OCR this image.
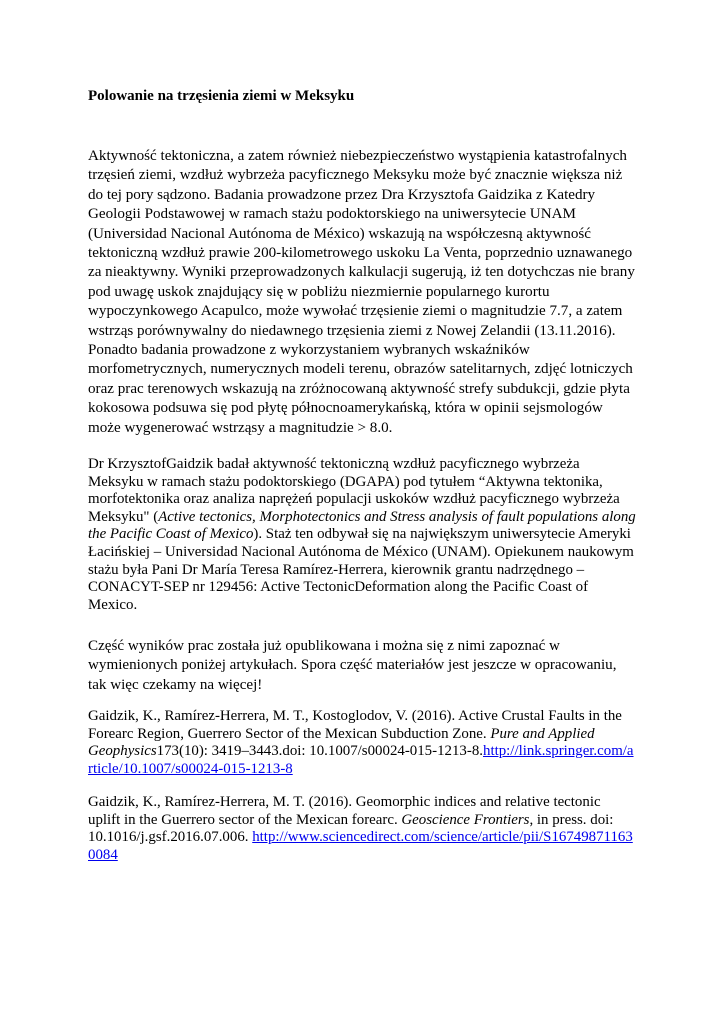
Polowanie na trzęsienia ziemi w Meksyku

Aktywność tektoniczna, a zatem również niebezpieczeństwo wystąpienia katastrofalnych trzęsień ziemi, wzdłuż wybrzeża pacyficznego Meksyku może być znacznie większa niż do tej pory sądzono. Badania prowadzone przez Dra Krzysztofa Gaidzika z Katedry Geologii Podstawowej w ramach stażu podoktorskiego na uniwersytecie UNAM (Universidad Nacional Autónoma de México) wskazują na współczesną aktywność tektoniczną wzdłuż prawie 200-kilometrowego uskoku La Venta, poprzednio uznawanego za nieaktywny. Wyniki przeprowadzonych kalkulacji sugerują, iż ten dotychczas nie brany pod uwagę uskok znajdujący się w pobliżu niezmiernie popularnego kurortu wypoczynkowego Acapulco, może wywołać trzęsienie ziemi o magnitudzie 7.7, a zatem wstrząs porównywalny do niedawnego trzęsienia ziemi z Nowej Zelandii (13.11.2016). Ponadto badania prowadzone z wykorzystaniem wybranych wskaźników morfometrycznych, numerycznych modeli terenu, obrazów satelitarnych, zdjęć lotniczych oraz prac terenowych wskazują na zróżnocowaną aktywność strefy subdukcji, gdzie płyta kokosowa podsuwa się pod płytę północnoamerykańską, która w opinii sejsmologów może wygenerować wstrząsy a magnitudzie > 8.0.

Dr KrzysztofGaidzik badał aktywność tektoniczną wzdłuż pacyficznego wybrzeża Meksyku w ramach stażu podoktorskiego (DGAPA) pod tytułem “Aktywna tektonika, morfotektonika oraz analiza naprężeń populacji uskoków wzdłuż pacyficznego wybrzeża Meksyku" (Active tectonics, Morphotectonics and Stress analysis of fault populations along the Pacific Coast of Mexico). Staż ten odbywał się na największym uniwersytecie Ameryki Łacińskiej – Universidad Nacional Autónoma de México (UNAM). Opiekunem naukowym stażu była Pani Dr María Teresa Ramírez-Herrera, kierownik grantu nadrzędnego –CONACYT-SEP nr 129456: Active TectonicDeformation along the Pacific Coast of Mexico.

Część wyników prac została już opublikowana i można się z nimi zapoznać w wymienionych poniżej artykułach. Spora część materiałów jest jeszcze w opracowaniu, tak więc czekamy na więcej!

Gaidzik, K., Ramírez-Herrera, M. T., Kostoglodov, V. (2016). Active Crustal Faults in the Forearc Region, Guerrero Sector of the Mexican Subduction Zone. Pure and Applied Geophysics173(10): 3419–3443.doi: 10.1007/s00024-015-1213-8.http://link.springer.com/article/10.1007/s00024-015-1213-8

Gaidzik, K., Ramírez-Herrera, M. T. (2016). Geomorphic indices and relative tectonic uplift in the Guerrero sector of the Mexican forearc. Geoscience Frontiers, in press. doi: 10.1016/j.gsf.2016.07.006. http://www.sciencedirect.com/science/article/pii/S167498711630084
